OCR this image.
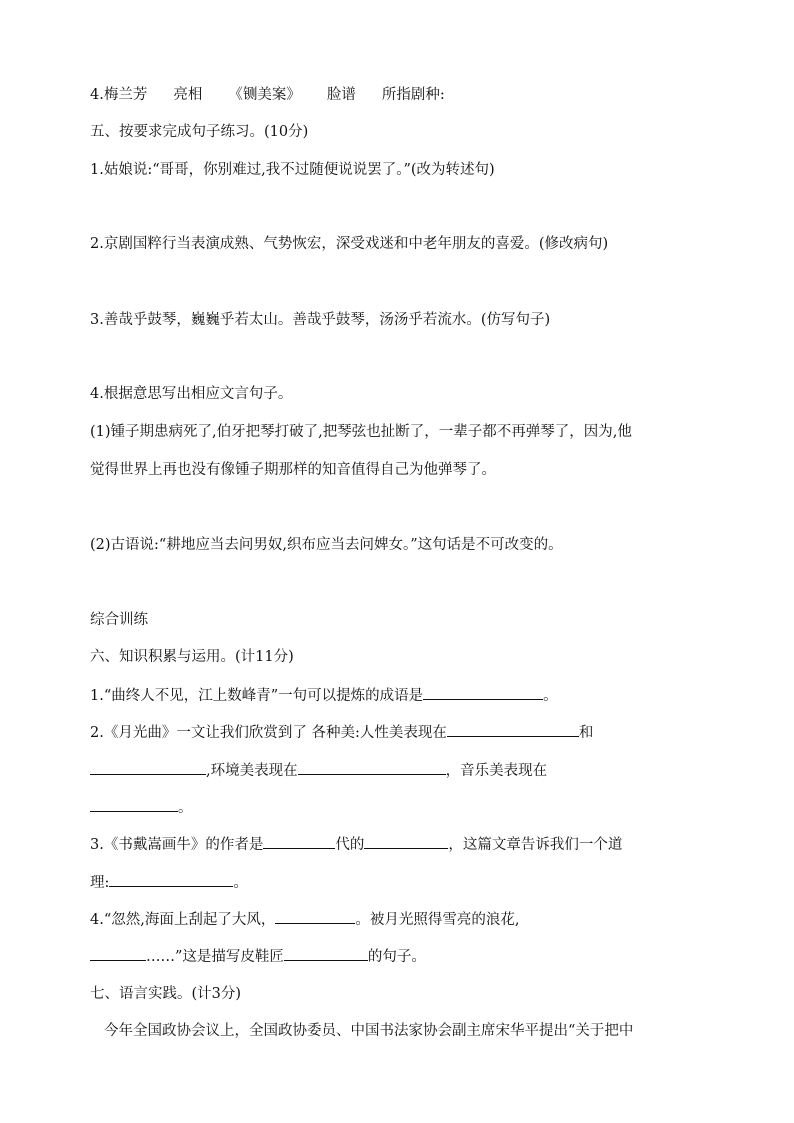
4.梅兰芳 亮相 《铡美案》 脸谱 所指剧种:
五、按要求完成句子练习。(10分)
1.姑娘说:“哥哥，你别难过,我不过随便说说罢了。”(改为转述句)
2.京剧国粹行当表演成熟、气势恢宏，深受戏迷和中老年朋友的喜爱。(修改病句)
3.善哉乎鼓琴，巍巍乎若太山。善哉乎鼓琴，汤汤乎若流水。(仿写句子)
4.根据意思写出相应文言句子。
(1)锺子期患病死了,伯牙把琴打破了,把琴弦也扯断了，一辈子都不再弹琴了，因为,他
觉得世界上再也没有像锺子期那样的知音值得自己为他弹琴了。
(2)古语说:“耕地应当去问男奴,织布应当去问婢女。”这句话是不可改变的。
综合训练
六、知识积累与运用。(计11分)
1.“曲终人不见，江上数峰青”一句可以提炼的成语是	。
2.《月光曲》一文让我们欣赏到了 各种美:人性美表现在	和
,环境美表现在	，音乐美表现在
。
3.《书戴嵩画牛》的作者是	代的	，这篇文章告诉我们一个道
理:	。
4.“忽然,海面上刮起了大风，	。被月光照得雪亮的浪花,
……”这是描写皮鞋匠	的句子。
七、语言实践。(计3分)
今年全国政协会议上，全国政协委员、中国书法家协会副主席宋华平提出“关于把中
